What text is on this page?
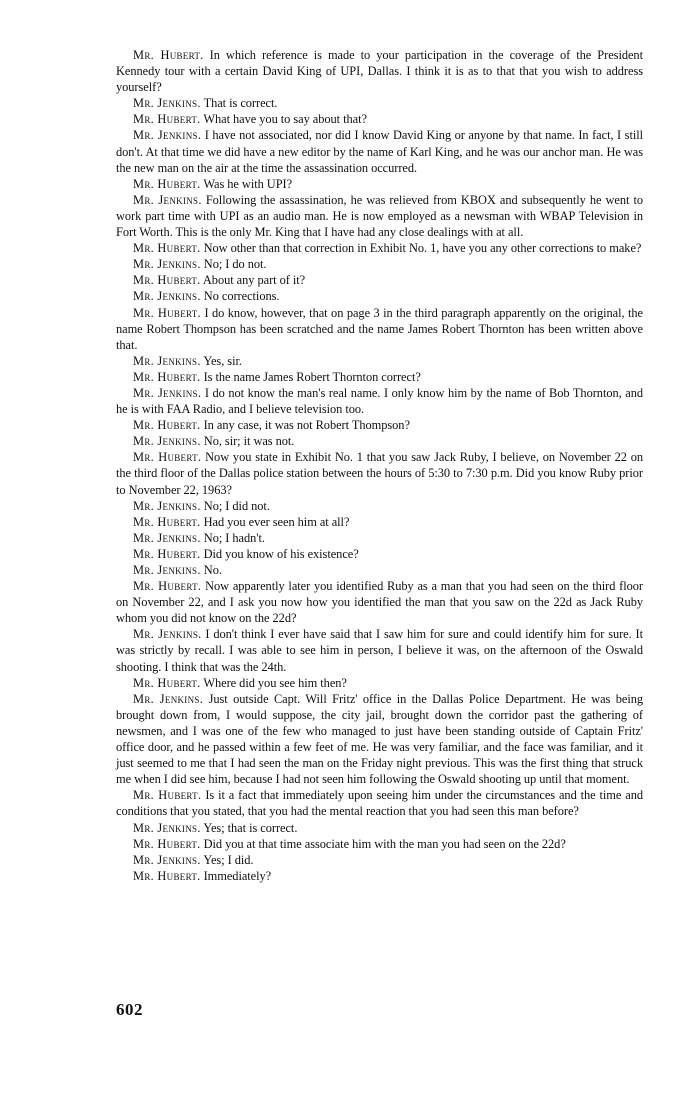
Mr. Hubert. In which reference is made to your participation in the coverage of the President Kennedy tour with a certain David King of UPI, Dallas. I think it is as to that that you wish to address yourself?

Mr. Jenkins. That is correct.

Mr. Hubert. What have you to say about that?

Mr. Jenkins. I have not associated, nor did I know David King or anyone by that name. In fact, I still don't. At that time we did have a new editor by the name of Karl King, and he was our anchor man. He was the new man on the air at the time the assassination occurred.

Mr. Hubert. Was he with UPI?

Mr. Jenkins. Following the assassination, he was relieved from KBOX and subsequently he went to work part time with UPI as an audio man. He is now employed as a newsman with WBAP Television in Fort Worth. This is the only Mr. King that I have had any close dealings with at all.

Mr. Hubert. Now other than that correction in Exhibit No. 1, have you any other corrections to make?

Mr. Jenkins. No; I do not.

Mr. Hubert. About any part of it?

Mr. Jenkins. No corrections.

Mr. Hubert. I do know, however, that on page 3 in the third paragraph apparently on the original, the name Robert Thompson has been scratched and the name James Robert Thornton has been written above that.

Mr. Jenkins. Yes, sir.

Mr. Hubert. Is the name James Robert Thornton correct?

Mr. Jenkins. I do not know the man's real name. I only know him by the name of Bob Thornton, and he is with FAA Radio, and I believe television too.

Mr. Hubert. In any case, it was not Robert Thompson?

Mr. Jenkins. No, sir; it was not.

Mr. Hubert. Now you state in Exhibit No. 1 that you saw Jack Ruby, I believe, on November 22 on the third floor of the Dallas police station between the hours of 5:30 to 7:30 p.m. Did you know Ruby prior to November 22, 1963?

Mr. Jenkins. No; I did not.

Mr. Hubert. Had you ever seen him at all?

Mr. Jenkins. No; I hadn't.

Mr. Hubert. Did you know of his existence?

Mr. Jenkins. No.

Mr. Hubert. Now apparently later you identified Ruby as a man that you had seen on the third floor on November 22, and I ask you now how you identified the man that you saw on the 22d as Jack Ruby whom you did not know on the 22d?

Mr. Jenkins. I don't think I ever have said that I saw him for sure and could identify him for sure. It was strictly by recall. I was able to see him in person, I believe it was, on the afternoon of the Oswald shooting. I think that was the 24th.

Mr. Hubert. Where did you see him then?

Mr. Jenkins. Just outside Capt. Will Fritz' office in the Dallas Police Department. He was being brought down from, I would suppose, the city jail, brought down the corridor past the gathering of newsmen, and I was one of the few who managed to just have been standing outside of Captain Fritz' office door, and he passed within a few feet of me. He was very familiar, and the face was familiar, and it just seemed to me that I had seen the man on the Friday night previous. This was the first thing that struck me when I did see him, because I had not seen him following the Oswald shooting up until that moment.

Mr. Hubert. Is it a fact that immediately upon seeing him under the circumstances and the time and conditions that you stated, that you had the mental reaction that you had seen this man before?

Mr. Jenkins. Yes; that is correct.

Mr. Hubert. Did you at that time associate him with the man you had seen on the 22d?

Mr. Jenkins. Yes; I did.

Mr. Hubert. Immediately?

602
